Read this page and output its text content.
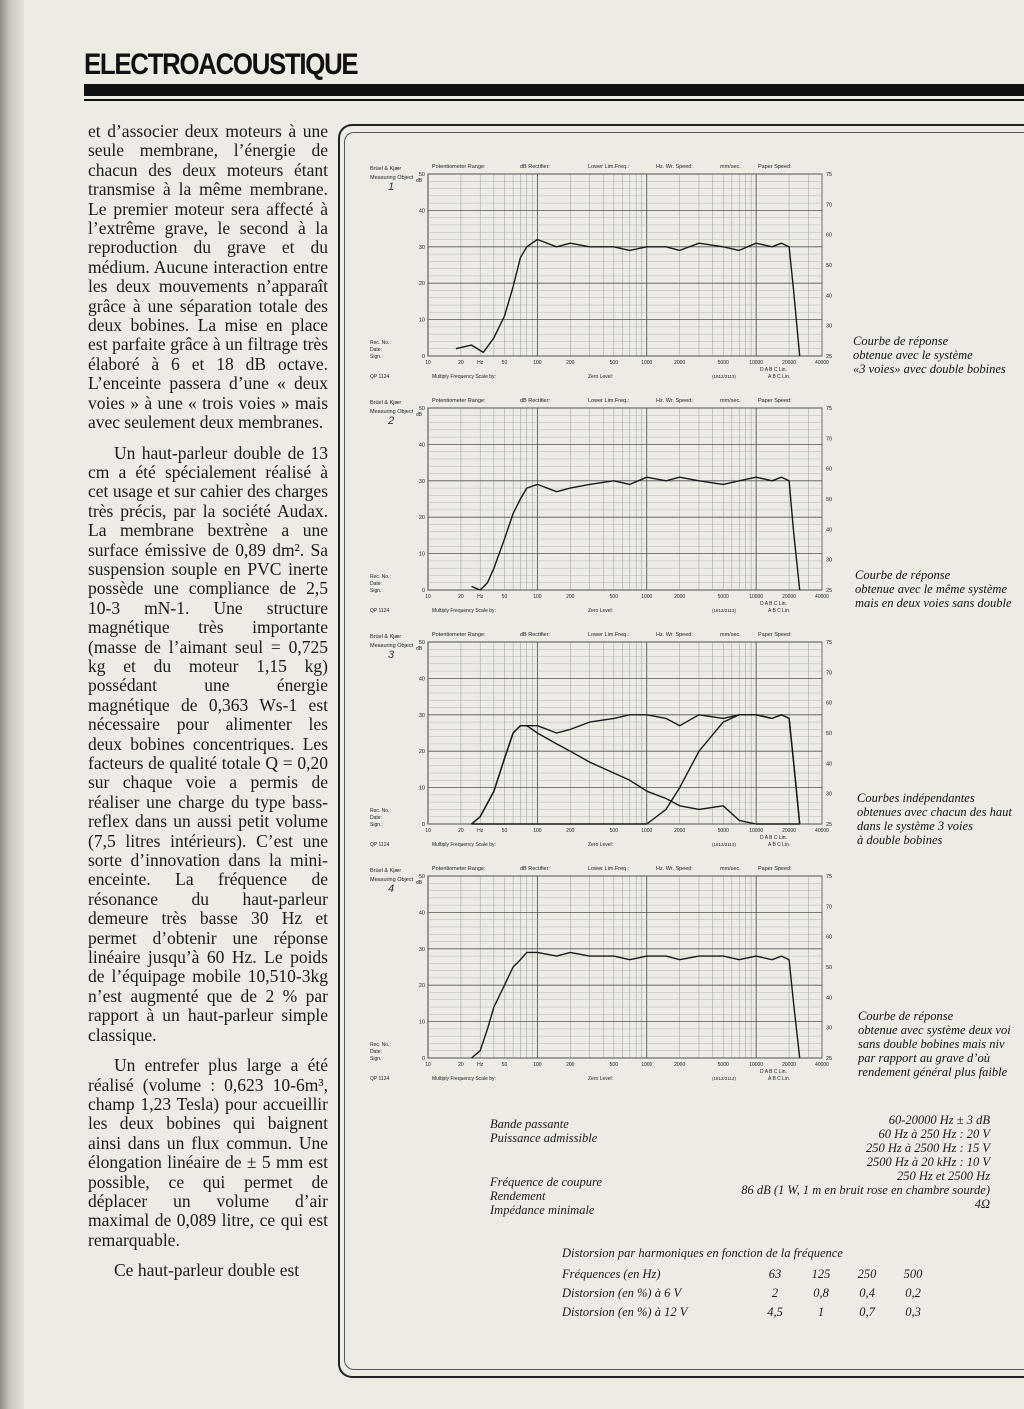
ELECTROACOUSTIQUE

et d’associer deux moteurs à une seule membrane, l’énergie de chacun des deux moteurs étant transmise à la même membrane. Le premier moteur sera affecté à l’extrême grave, le second à la reproduction du grave et du médium. Aucune interaction entre les deux mouvements n’apparaît grâce à une séparation totale des deux bobines. La mise en place est parfaite grâce à un filtrage très élaboré à 6 et 18 dB octave. L’enceinte passera d’une « deux voies » à une « trois voies » mais avec seulement deux membranes.

Un haut-parleur double de 13 cm a été spécialement réalisé à cet usage et sur cahier des charges très précis, par la société Audax. La membrane bextrène a une surface émissive de 0,89 dm². Sa suspension souple en PVC inerte possède une compliance de 2,5 10-3 mN-1. Une structure magnétique très importante (masse de l’aimant seul = 0,725 kg et du moteur 1,15 kg) possédant une énergie magnétique de 0,363 Ws-1 est nécessaire pour alimenter les deux bobines concentriques. Les facteurs de qualité totale Q = 0,20 sur chaque voie a permis de réaliser une charge du type bass-reflex dans un aussi petit volume (7,5 litres intérieurs). C’est une sorte d’innovation dans la mini-enceinte. La fréquence de résonance du haut-parleur demeure très basse 30 Hz et permet d’obtenir une réponse linéaire jusqu’à 60 Hz. Le poids de l’équipage mobile 10,510-3kg n’est augmenté que de 2 % par rapport à un haut-parleur simple classique.

Un entrefer plus large a été réalisé (volume : 0,623 10-6m³, champ 1,23 Tesla) pour accueillir les deux bobines qui baignent ainsi dans un flux commun. Une élongation linéaire de ± 5 mm est possible, ce qui permet de déplacer un volume d’air maximal de 0,089 litre, ce qui est remarquable.

Ce haut-parleur double est

Brüel & Kjær
Measuring Object
Potentiometer Range:	dB Rectifier:	Lower Lim.Freq.:	Hz. Wr. Speed:	mm/sec.	Paper Speed:
Rec. No.:
Date:
Sign.:
QP 1124	Multiply Frequency Scale by:	Zero Level:	(1812/2113)
D A B C Lin.
A B C Lin.
1
50
40
30
20
10
0
dB
75
70
60
50
40
30
25
10	20	50	100	200	500	1000	2000	5000	10000	20000	40000
Hz
Brüel & Kjær
Measuring Object
Potentiometer Range:	dB Rectifier:	Lower Lim.Freq.:	Hz. Wr. Speed:	mm/sec.	Paper Speed:
Rec. No.:
Date:
Sign.:
QP 1124	Multiply Frequency Scale by:	Zero Level:	(1812/2113)
D A B C Lin.
A B C Lin.
2
50
40
30
20
10
0
dB
75
70
60
50
40
30
25
10	20	50	100	200	500	1000	2000	5000	10000	20000	40000
Hz
Brüel & Kjær
Measuring Object
Potentiometer Range:	dB Rectifier:	Lower Lim.Freq.:	Hz. Wr. Speed:	mm/sec.	Paper Speed:
Rec. No.:
Date:
Sign.:
QP 1124	Multiply Frequency Scale by:	Zero Level:	(1812/2113)
D A B C Lin.
A B C Lin.
3
50
40
30
20
10
0
dB
75
70
60
50
40
30
25
10	20	50	100	200	500	1000	2000	5000	10000	20000	40000
Hz
Brüel & Kjær
Measuring Object
Potentiometer Range:	dB Rectifier:	Lower Lim.Freq.:	Hz. Wr. Speed:	mm/sec.	Paper Speed:
Rec. No.:
Date:
Sign.:
QP 1124	Multiply Frequency Scale by:	Zero Level:	(1812/2113)
D A B C Lin.
A B C Lin.
4
50
40
30
20
10
0
dB
75
70
60
50
40
30
25
10	20	50	100	200	500	1000	2000	5000	10000	20000	40000
Hz
Courbe de réponse
obtenue avec le système
«3 voies» avec double bobines
Courbe de réponse
obtenue avec le même système
mais en deux voies sans double
Courbes indépendantes
obtenues avec chacun des haut
dans le système 3 voies
à double bobines
Courbe de réponse
obtenue avec système deux voi
sans double bobines mais niv
par rapport au grave d’où
rendement général plus faible
Bande passante	60-20000 Hz ± 3 dB
Puissance admissible	60 Hz à 250 Hz : 20 V
250 Hz à 2500 Hz : 15 V
2500 Hz à 20 kHz : 10 V
Fréquence de coupure	250 Hz et 2500 Hz
Rendement	86 dB (1 W, 1 m en bruit rose en chambre sourde)
Impédance minimale	4Ω
Distorsion par harmoniques en fonction de la fréquence
Fréquences (en Hz)	63	125	250	500
Distorsion (en %) à 6 V	2	0,8	0,4	0,2
Distorsion (en %) à 12 V	4,5	1	0,7	0,3
